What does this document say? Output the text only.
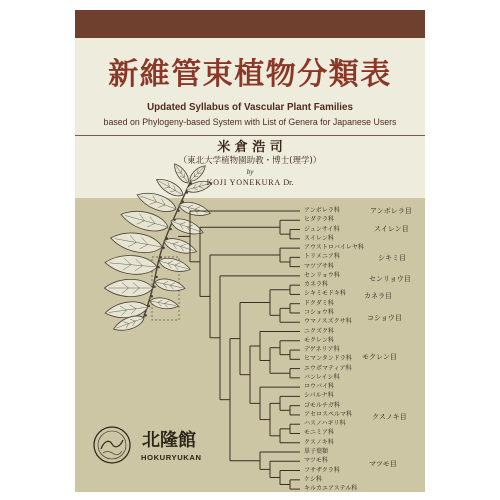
新維管束植物分類表
Updated Syllabus of Vascular Plant Families
based on Phylogeny-based System with List of Genera for Japanese Users
米 倉 浩 司
（東北大学植物園助教・博士(理学)）
by
KOJI YONEKURA Dr.
アンボレラ科
ヒダテラ科
ジュンサイ科
スイレン科
アウストロバイレヤ科
トリメニア科
マツブサ科
センリョウ科
カネラ科
シキミモドキ科
ドクダミ科
コショウ科
ウマノスズクサ科
ニクズク科
モクレン科
デゲネリア科
ヒマンタンドラ科
エウポマティア科
バンレイシ科
ロウバイ科
シパルナ科
ゴモルチガ科
アセロスペルマ科
ハスノハギリ科
モニミア科
クスノキ科
単子葉類
マツモ科
フサザクラ科
ケシ科
キルカエアステル科
アンボレラ目
スイレン目
シキミ目
センリョウ目
カネラ目
コショウ目
モクレン目
クスノキ目
マツモ目
北隆館
HOKURYUKAN
